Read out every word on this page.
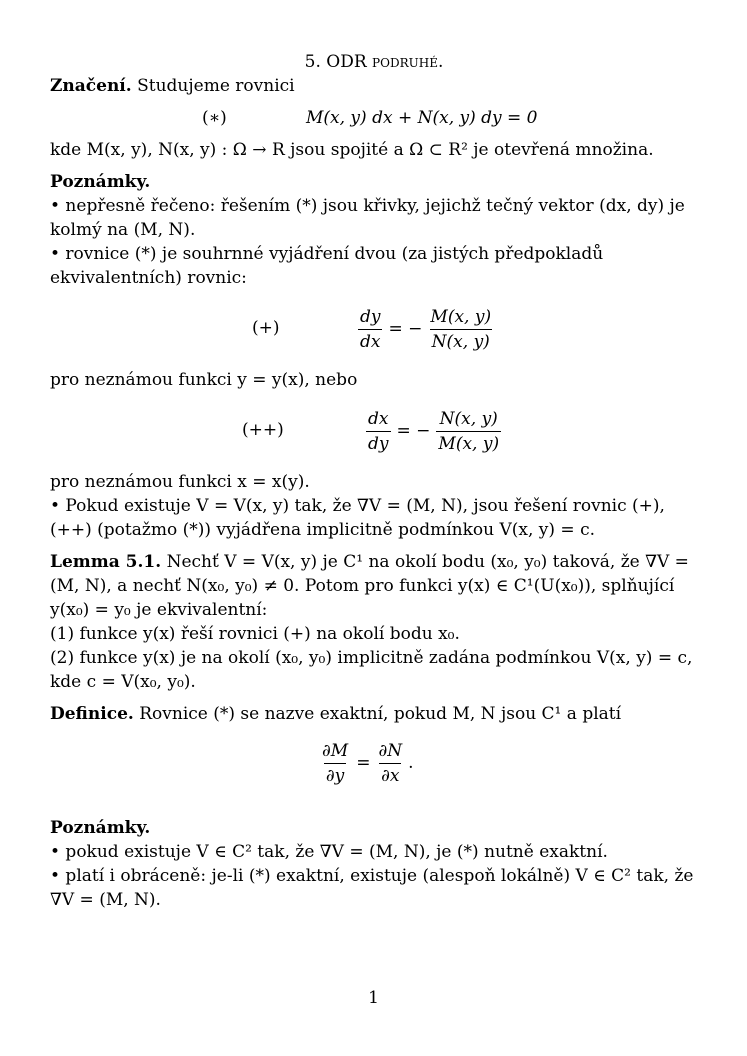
5. ODR podruhé.

Značení. Studujeme rovnici

(∗)	M(x, y) dx + N(x, y) dy = 0

kde M(x, y), N(x, y) : Ω → R jsou spojité a Ω ⊂ R² je otevřená množina.

Poznámky.

• nepřesně řečeno: řešením (*) jsou křivky, jejichž tečný vektor (dx, dy) je kolmý na (M, N).

• rovnice (*) je souhrnné vyjádření dvou (za jistých předpokladů ekvivalentních) rovnic:

(+)	$\frac{dy}{dx}$ = − $\frac{M(x, y)}{N(x, y)}$

pro neznámou funkci y = y(x), nebo

(++)	$\frac{dx}{dy}$ = − $\frac{N(x, y)}{M(x, y)}$

pro neznámou funkci x = x(y).

• Pokud existuje V = V(x, y) tak, že ∇V = (M, N), jsou řešení rovnic (+), (++) (potažmo (*)) vyjádřena implicitně podmínkou V(x, y) = c.

Lemma 5.1. Nechť V = V(x, y) je C¹ na okolí bodu (x₀, y₀) taková, že ∇V = (M, N), a nechť N(x₀, y₀) ≠ 0. Potom pro funkci y(x) ∈ C¹(U(x₀)), splňující y(x₀) = y₀ je ekvivalentní:

(1) funkce y(x) řeší rovnici (+) na okolí bodu x₀.

(2) funkce y(x) je na okolí (x₀, y₀) implicitně zadána podmínkou V(x, y) = c, kde c = V(x₀, y₀).

Definice. Rovnice (*) se nazve exaktní, pokud M, N jsou C¹ a platí

$\frac{\partial M}{\partial y} = \frac{\partial N}{\partial x}$ .

Poznámky.

• pokud existuje V ∈ C² tak, že ∇V = (M, N), je (*) nutně exaktní.

• platí i obráceně: je-li (*) exaktní, existuje (alespoň lokálně) V ∈ C² tak, že ∇V = (M, N).

1
